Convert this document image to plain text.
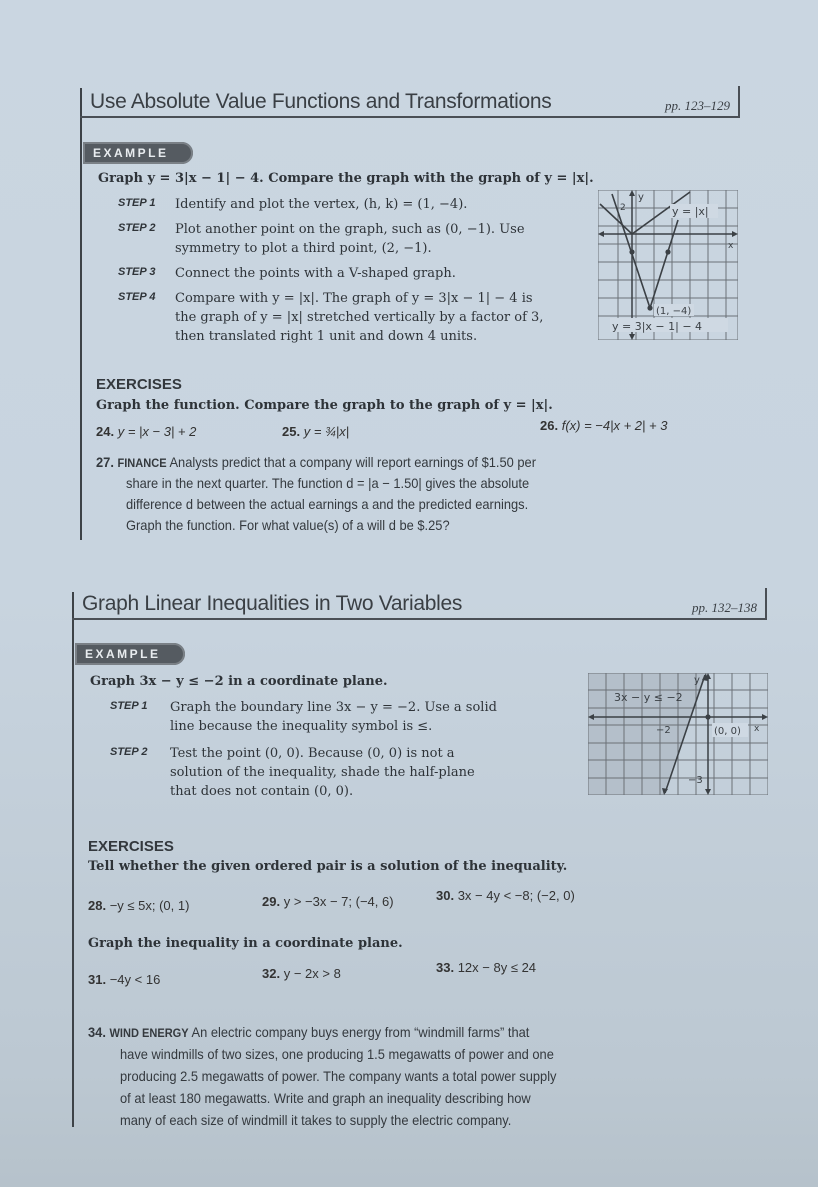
Use Absolute Value Functions and Transformations	pp. 123–129
EXAMPLE
Graph y = 3|x − 1| − 4. Compare the graph with the graph of y = |x|.
STEP 1 Identify and plot the vertex, (h, k) = (1, −4).
STEP 2 Plot another point on the graph, such as (0, −1). Use
symmetry to plot a third point, (2, −1).
STEP 3 Connect the points with a V-shaped graph.
STEP 4 Compare with y = |x|. The graph of y = 3|x − 1| − 4 is
the graph of y = |x| stretched vertically by a factor of 3,
then translated right 1 unit and down 4 units.
y = |x|
y
x
2
(1, −4)
y = 3|x − 1| − 4
EXERCISES
Graph the function. Compare the graph to the graph of y = |x|.
24. y = |x − 3| + 2	25. y = ¾|x|	26. f(x) = −4|x + 2| + 3
27. FINANCE Analysts predict that a company will report earnings of $1.50 per
share in the next quarter. The function d = |a − 1.50| gives the absolute
difference d between the actual earnings a and the predicted earnings.
Graph the function. For what value(s) of a will d be $.25?
Graph Linear Inequalities in Two Variables	pp. 132–138
EXAMPLE
Graph 3x − y ≤ −2 in a coordinate plane.
STEP 1 Graph the boundary line 3x − y = −2. Use a solid
line because the inequality symbol is ≤.
STEP 2 Test the point (0, 0). Because (0, 0) is not a
solution of the inequality, shade the half-plane
that does not contain (0, 0).
y
x
3x − y ≤ −2
−2	(0, 0)
−3
EXERCISES
Tell whether the given ordered pair is a solution of the inequality.
28. −y ≤ 5x; (0, 1)	29. y > −3x − 7; (−4, 6)	30. 3x − 4y < −8; (−2, 0)
Graph the inequality in a coordinate plane.
31. −4y < 16	32. y − 2x > 8	33. 12x − 8y ≤ 24
34. WIND ENERGY An electric company buys energy from “windmill farms” that
have windmills of two sizes, one producing 1.5 megawatts of power and one
producing 2.5 megawatts of power. The company wants a total power supply
of at least 180 megawatts. Write and graph an inequality describing how
many of each size of windmill it takes to supply the electric company.
